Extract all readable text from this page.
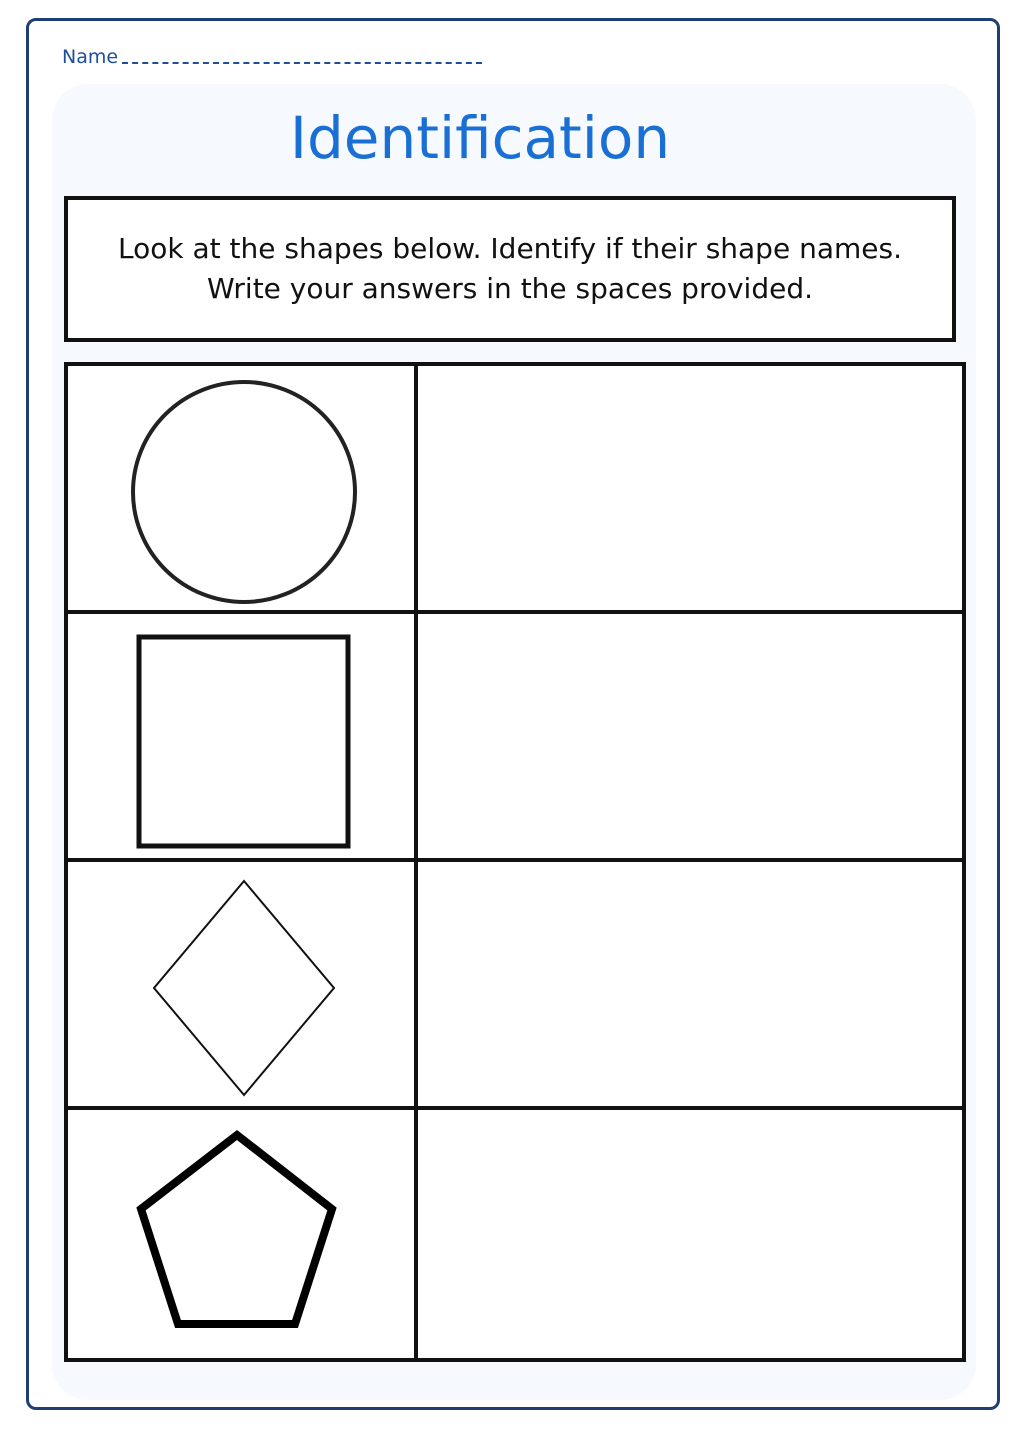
Name
Identification
Look at the shapes below. Identify if their shape names.
Write your answers in the spaces provided.
